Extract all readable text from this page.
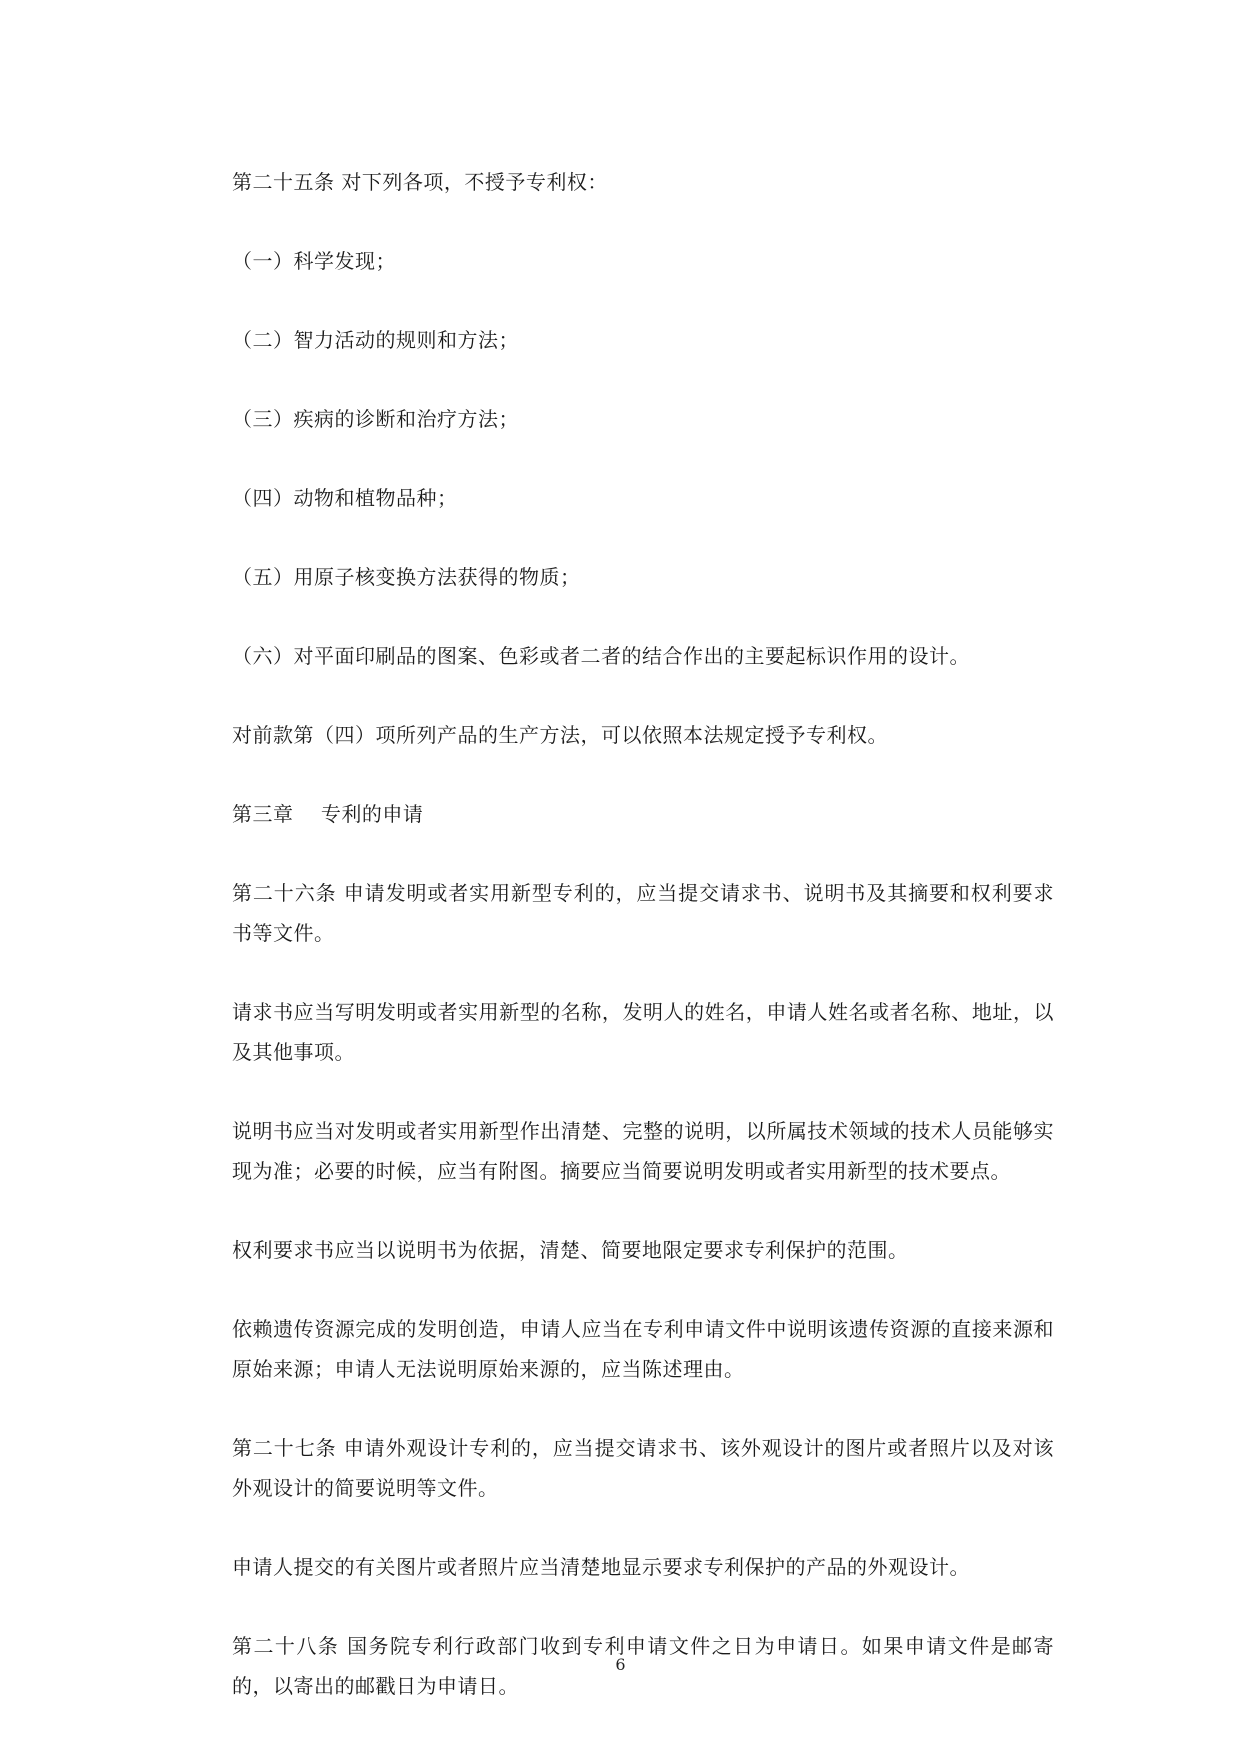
第二十五条 对下列各项，不授予专利权：

（一）科学发现；

（二）智力活动的规则和方法；

（三）疾病的诊断和治疗方法；

（四）动物和植物品种；

（五）用原子核变换方法获得的物质；

（六）对平面印刷品的图案、色彩或者二者的结合作出的主要起标识作用的设计。

对前款第（四）项所列产品的生产方法，可以依照本法规定授予专利权。

第三章    专利的申请

第二十六条 申请发明或者实用新型专利的，应当提交请求书、说明书及其摘要和权利要求书等文件。

请求书应当写明发明或者实用新型的名称，发明人的姓名，申请人姓名或者名称、地址，以及其他事项。

说明书应当对发明或者实用新型作出清楚、完整的说明，以所属技术领域的技术人员能够实现为准；必要的时候，应当有附图。摘要应当简要说明发明或者实用新型的技术要点。

权利要求书应当以说明书为依据，清楚、简要地限定要求专利保护的范围。

依赖遗传资源完成的发明创造，申请人应当在专利申请文件中说明该遗传资源的直接来源和原始来源；申请人无法说明原始来源的，应当陈述理由。

第二十七条 申请外观设计专利的，应当提交请求书、该外观设计的图片或者照片以及对该外观设计的简要说明等文件。

申请人提交的有关图片或者照片应当清楚地显示要求专利保护的产品的外观设计。

第二十八条 国务院专利行政部门收到专利申请文件之日为申请日。如果申请文件是邮寄的，以寄出的邮戳日为申请日。

6
